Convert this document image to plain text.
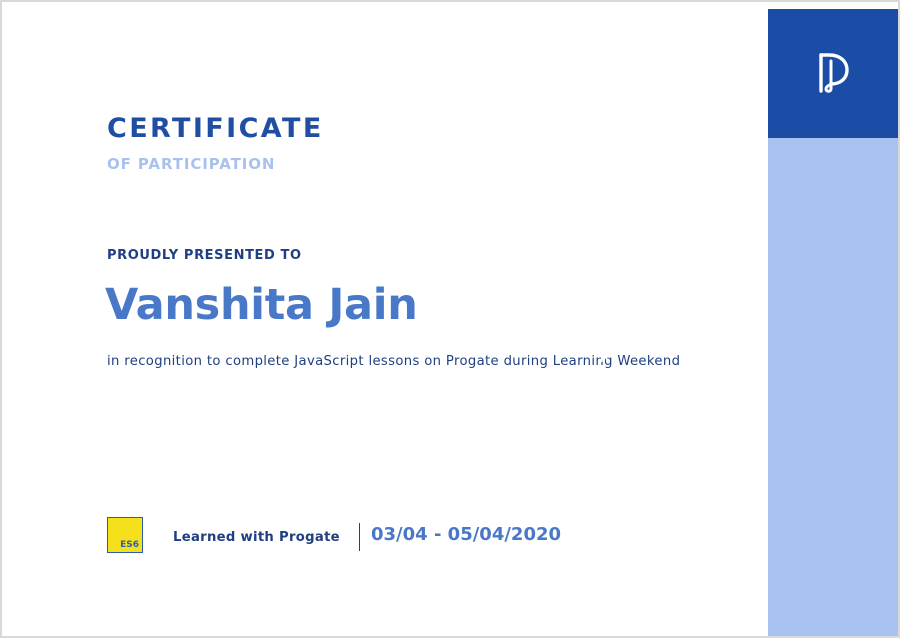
CERTIFICATE
OF PARTICIPATION
PROUDLY PRESENTED TO
Vanshita Jain
in recognition to complete JavaScript lessons on Progate during Learning Weekend
ES6	Learned with Progate 03/04 - 05/04/2020
LEARNING WEEKEND
